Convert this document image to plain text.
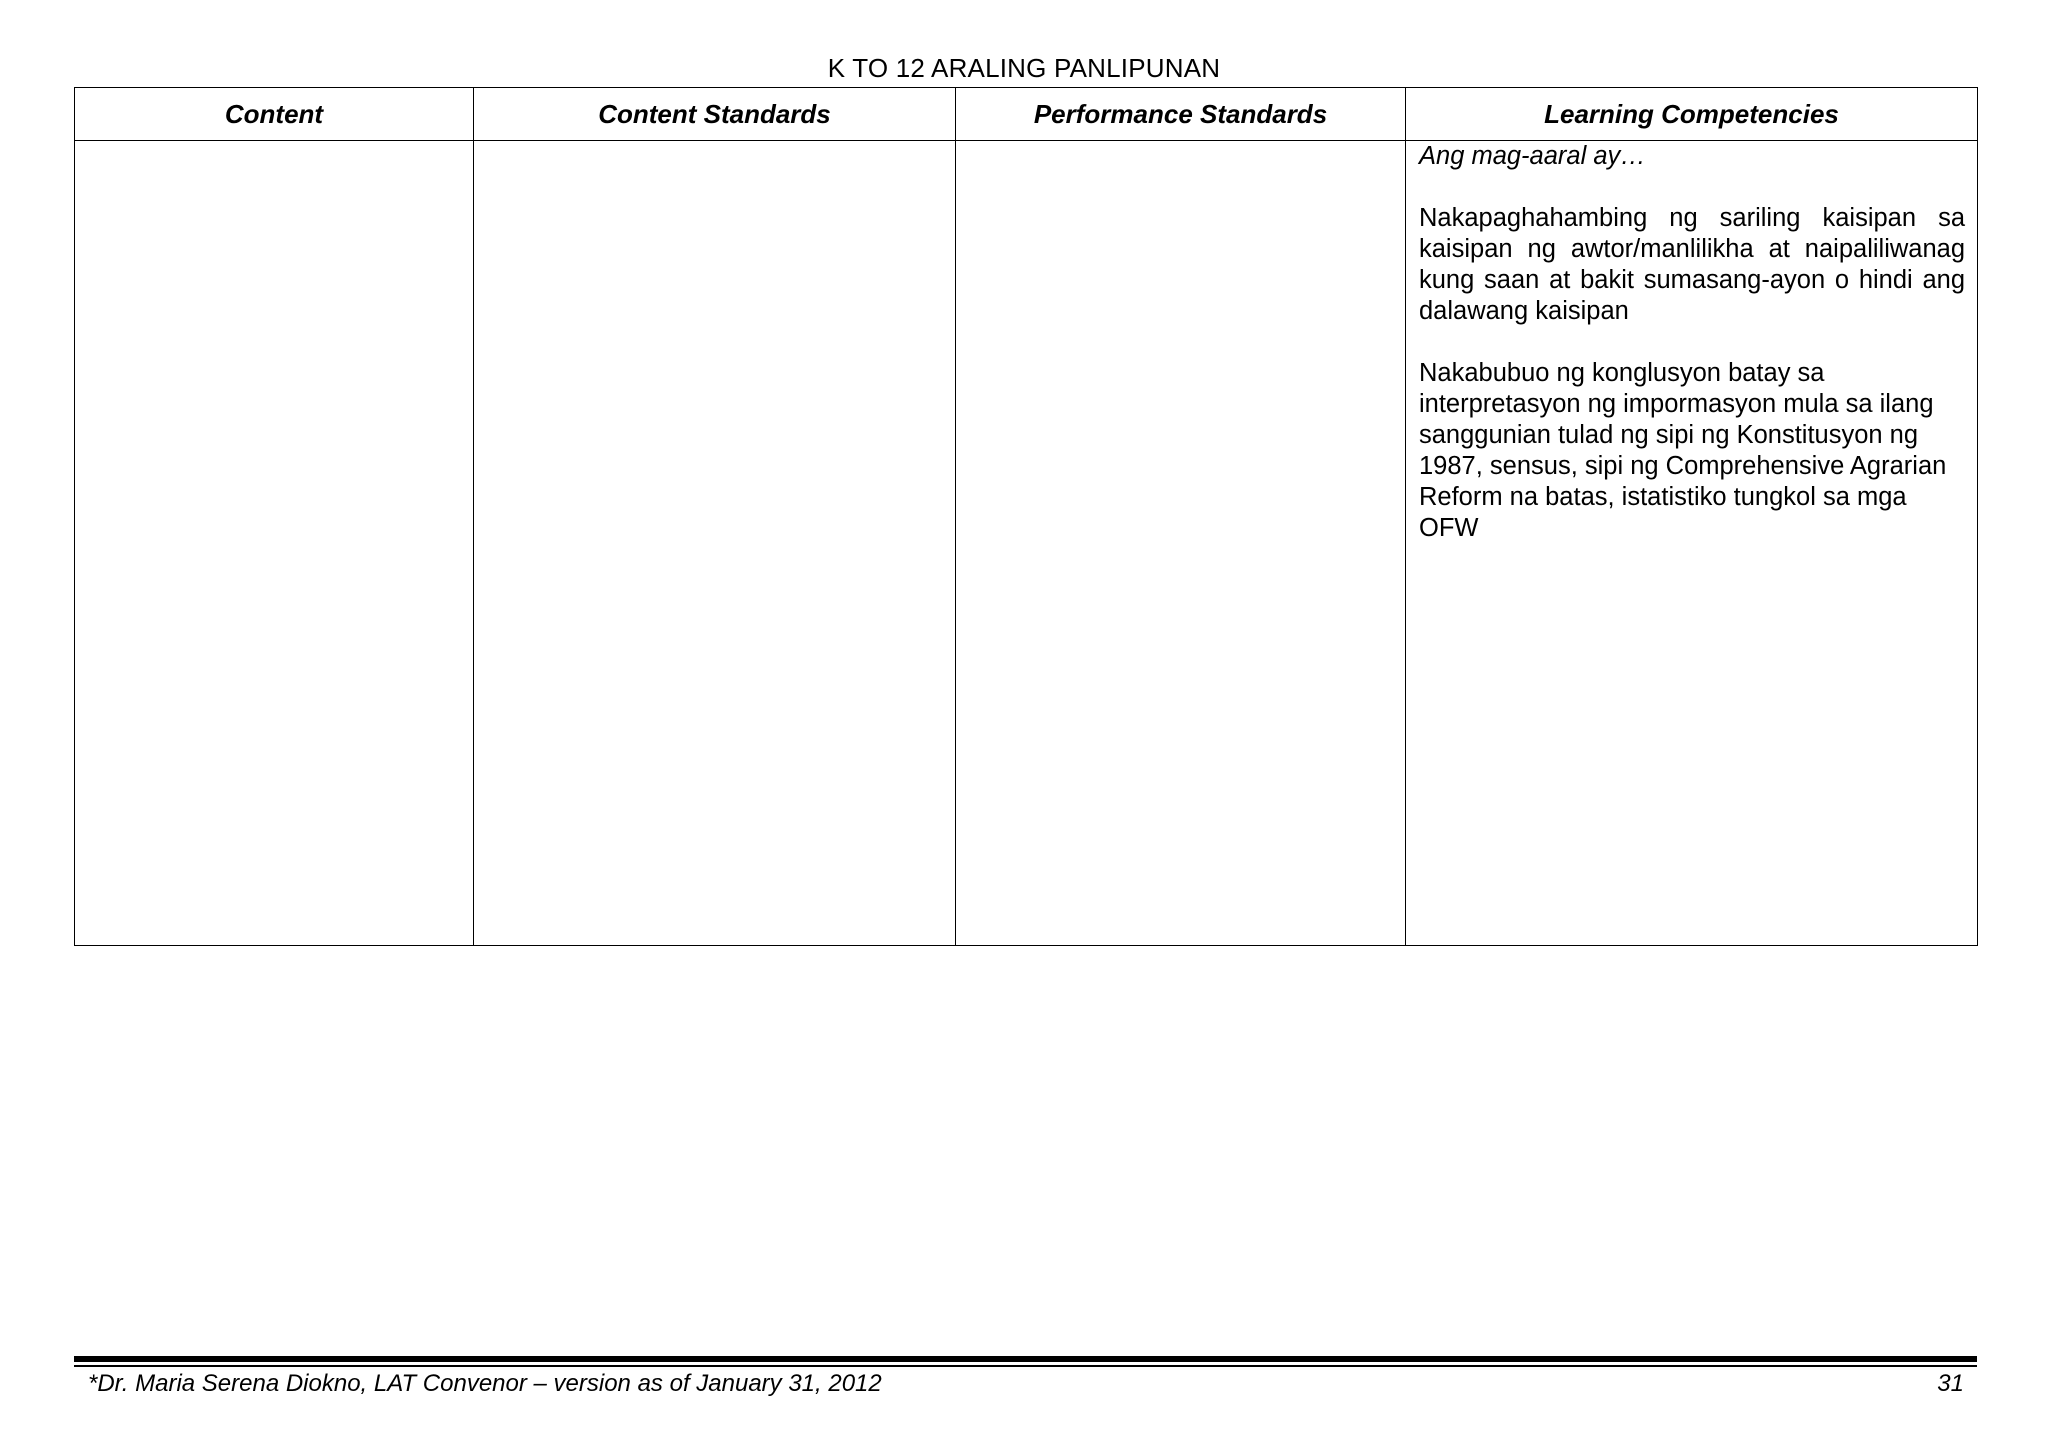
K TO 12 ARALING PANLIPUNAN
Content	Content Standards	Performance Standards	Learning Competencies

			Ang mag-aaral ay…

Nakapaghahambing ng sariling kaisipan sa kaisipan ng awtor/manlilikha at naipaliliwanag kung saan at bakit sumasang-ayon o hindi ang dalawang kaisipan

Nakabubuo ng konglusyon batay sa interpretasyon ng impormasyon mula sa ilang sanggunian tulad ng sipi ng Konstitusyon ng 1987, sensus, sipi ng Comprehensive Agrarian Reform na batas, istatistiko tungkol sa mga OFW

*Dr. Maria Serena Diokno, LAT Convenor – version as of January 31, 2012	31
